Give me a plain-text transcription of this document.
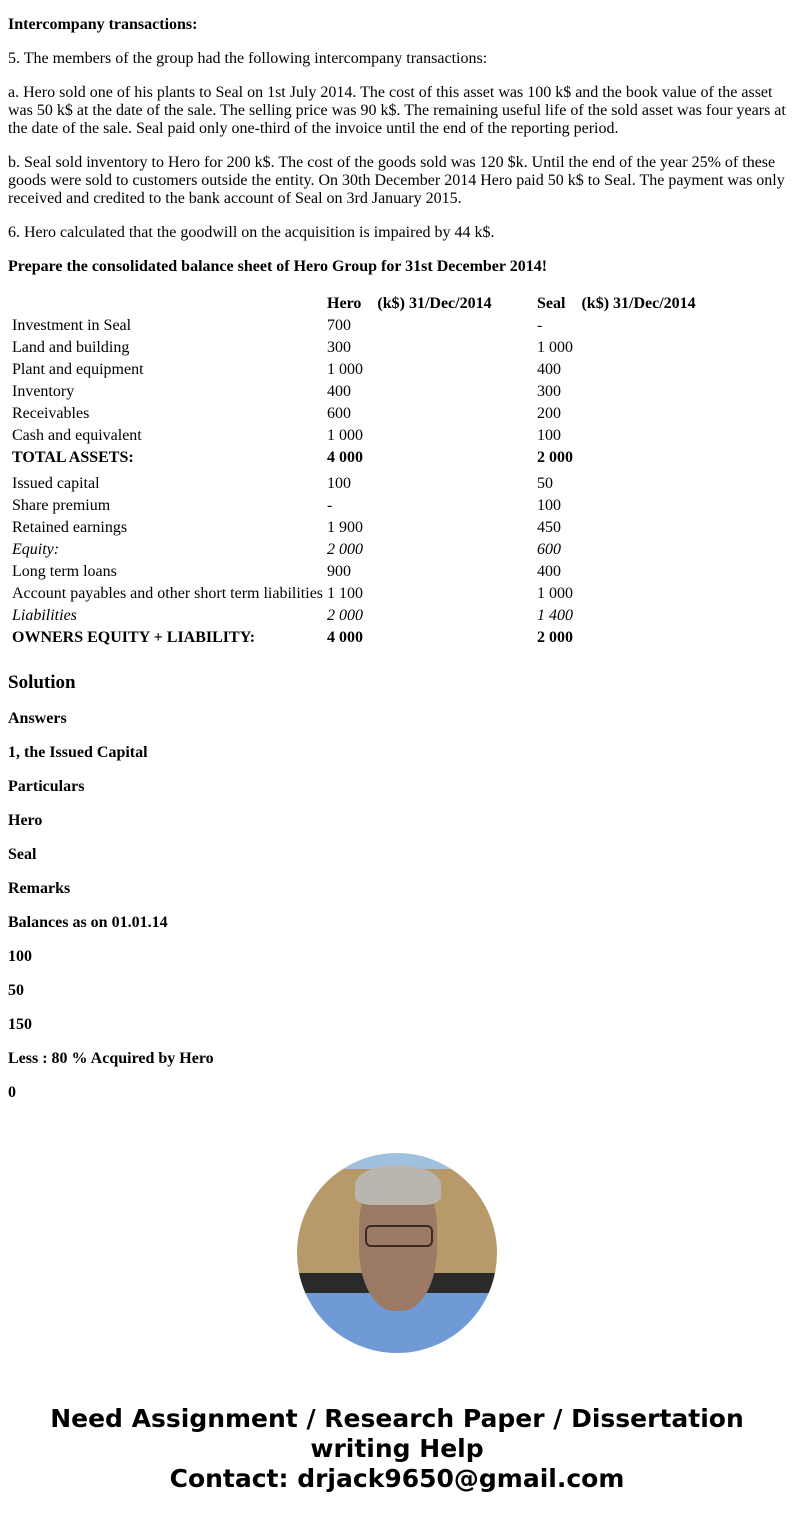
Intercompany transactions:

5. The members of the group had the following intercompany transactions:

a. Hero sold one of his plants to Seal on 1st July 2014. The cost of this asset was 100 k$ and the book value of the asset was 50 k$ at the date of the sale. The selling price was 90 k$. The remaining useful life of the sold asset was four years at the date of the sale. Seal paid only one-third of the invoice until the end of the reporting period.

b. Seal sold inventory to Hero for 200 k$. The cost of the goods sold was 120 $k. Until the end of the year 25% of these goods were sold to customers outside the entity. On 30th December 2014 Hero paid 50 k$ to Seal. The payment was only received and credited to the bank account of Seal on 3rd January 2015.

6. Hero calculated that the goodwill on the acquisition is impaired by 44 k$.

Prepare the consolidated balance sheet of Hero Group for 31st December 2014!

	Hero    (k$) 31/Dec/2014	Seal    (k$) 31/Dec/2014
Investment in Seal	700	-
Land and building	300	1 000
Plant and equipment	1 000	400
Inventory	400	300
Receivables	600	200
Cash and equivalent	1 000	100
TOTAL ASSETS:	4 000	2 000
Issued capital	100	50
Share premium	-	100
Retained earnings	1 900	450
Equity:	2 000	600
Long term loans	900	400
Account payables and other short term liabilities	1 100	1 000
Liabilities	2 000	1 400
OWNERS EQUITY + LIABILITY:	4 000	2 000
Solution

Answers

1, the Issued Capital

Particulars

Hero

Seal

Remarks

Balances as on 01.01.14

100

50

150

Less : 80 % Acquired by Hero

0

Need Assignment / Research Paper / Dissertation writing Help
Contact: drjack9650@gmail.com
